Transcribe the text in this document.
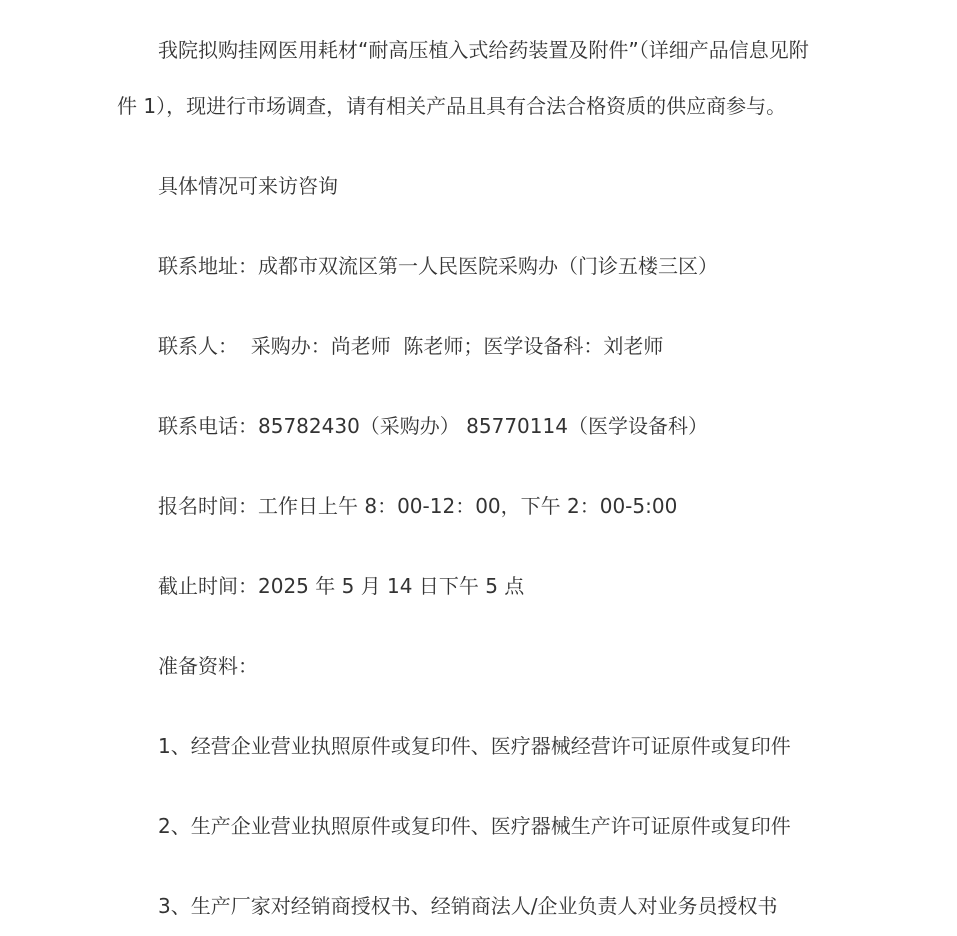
我院拟购挂网医用耗材“耐高压植入式给药装置及附件”（详细产品信息见附

件 1），现进行市场调查，请有相关产品且具有合法合格资质的供应商参与。

具体情况可来访咨询

联系地址：成都市双流区第一人民医院采购办（门诊五楼三区）

联系人：  采购办：尚老师  陈老师；医学设备科：刘老师

联系电话：85782430（采购办） 85770114（医学设备科）

报名时间：工作日上午 8：00-12：00，下午 2：00-5:00

截止时间：2025 年 5 月 14 日下午 5 点

准备资料：

1、经营企业营业执照原件或复印件、医疗器械经营许可证原件或复印件

2、生产企业营业执照原件或复印件、医疗器械生产许可证原件或复印件

3、生产厂家对经销商授权书、经销商法人/企业负责人对业务员授权书
